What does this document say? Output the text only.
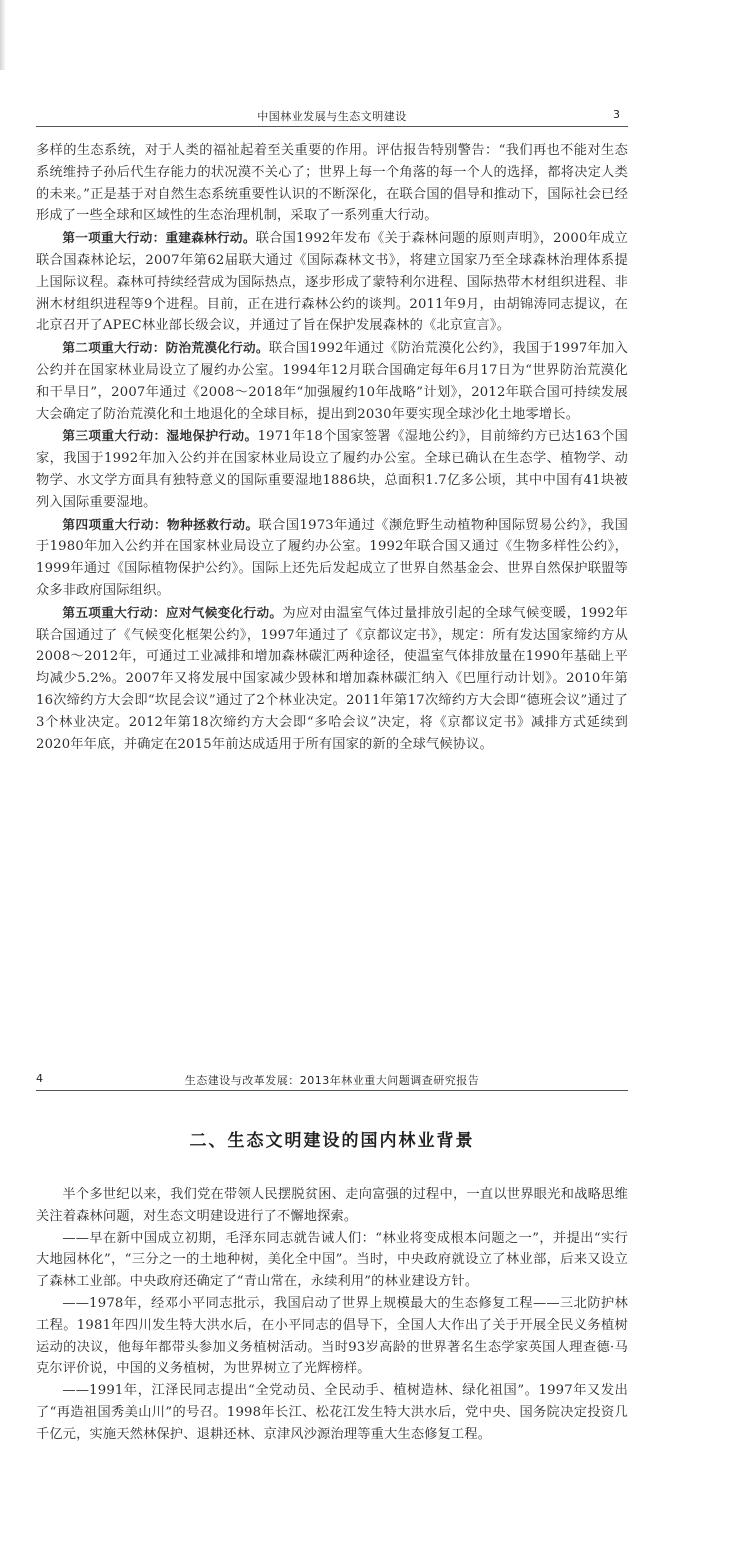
中国林业发展与生态文明建设	3

多样的生态系统，对于人类的福祉起着至关重要的作用。评估报告特别警告：“我们再也不能对生态系统维持子孙后代生存能力的状况漠不关心了；世界上每一个角落的每一个人的选择，都将决定人类的未来。”正是基于对自然生态系统重要性认识的不断深化，在联合国的倡导和推动下，国际社会已经形成了一些全球和区域性的生态治理机制，采取了一系列重大行动。

第一项重大行动：重建森林行动。联合国1992年发布《关于森林问题的原则声明》，2000年成立联合国森林论坛，2007年第62届联大通过《国际森林文书》，将建立国家乃至全球森林治理体系提上国际议程。森林可持续经营成为国际热点，逐步形成了蒙特利尔进程、国际热带木材组织进程、非洲木材组织进程等9个进程。目前，正在进行森林公约的谈判。2011年9月，由胡锦涛同志提议，在北京召开了APEC林业部长级会议，并通过了旨在保护发展森林的《北京宣言》。

第二项重大行动：防治荒漠化行动。联合国1992年通过《防治荒漠化公约》，我国于1997年加入公约并在国家林业局设立了履约办公室。1994年12月联合国确定每年6月17日为“世界防治荒漠化和干旱日”，2007年通过《2008～2018年“加强履约10年战略”计划》，2012年联合国可持续发展大会确定了防治荒漠化和土地退化的全球目标，提出到2030年要实现全球沙化土地零增长。

第三项重大行动：湿地保护行动。1971年18个国家签署《湿地公约》，目前缔约方已达163个国家，我国于1992年加入公约并在国家林业局设立了履约办公室。全球已确认在生态学、植物学、动物学、水文学方面具有独特意义的国际重要湿地1886块，总面积1.7亿多公顷，其中中国有41块被列入国际重要湿地。

第四项重大行动：物种拯救行动。联合国1973年通过《濒危野生动植物种国际贸易公约》，我国于1980年加入公约并在国家林业局设立了履约办公室。1992年联合国又通过《生物多样性公约》，1999年通过《国际植物保护公约》。国际上还先后发起成立了世界自然基金会、世界自然保护联盟等众多非政府国际组织。

第五项重大行动：应对气候变化行动。为应对由温室气体过量排放引起的全球气候变暖，1992年联合国通过了《气候变化框架公约》，1997年通过了《京都议定书》，规定：所有发达国家缔约方从2008～2012年，可通过工业减排和增加森林碳汇两种途径，使温室气体排放量在1990年基础上平均减少5.2%。2007年又将发展中国家减少毁林和增加森林碳汇纳入《巴厘行动计划》。2010年第16次缔约方大会即“坎昆会议”通过了2个林业决定。2011年第17次缔约方大会即“德班会议”通过了3个林业决定。2012年第18次缔约方大会即“多哈会议”决定，将《京都议定书》减排方式延续到2020年年底，并确定在2015年前达成适用于所有国家的新的全球气候协议。

4	生态建设与改革发展：2013年林业重大问题调查研究报告
二、生态文明建设的国内林业背景

半个多世纪以来，我们党在带领人民摆脱贫困、走向富强的过程中，一直以世界眼光和战略思维关注着森林问题，对生态文明建设进行了不懈地探索。

——早在新中国成立初期，毛泽东同志就告诫人们：“林业将变成根本问题之一”，并提出“实行大地园林化”，“三分之一的土地种树，美化全中国”。当时，中央政府就设立了林业部，后来又设立了森林工业部。中央政府还确定了“青山常在，永续利用”的林业建设方针。

——1978年，经邓小平同志批示，我国启动了世界上规模最大的生态修复工程——三北防护林工程。1981年四川发生特大洪水后，在小平同志的倡导下，全国人大作出了关于开展全民义务植树运动的决议，他每年都带头参加义务植树活动。当时93岁高龄的世界著名生态学家英国人理查德·马克尔评价说，中国的义务植树，为世界树立了光辉榜样。

——1991年，江泽民同志提出“全党动员、全民动手、植树造林、绿化祖国”。1997年又发出了“再造祖国秀美山川”的号召。1998年长江、松花江发生特大洪水后，党中央、国务院决定投资几千亿元，实施天然林保护、退耕还林、京津风沙源治理等重大生态修复工程。
